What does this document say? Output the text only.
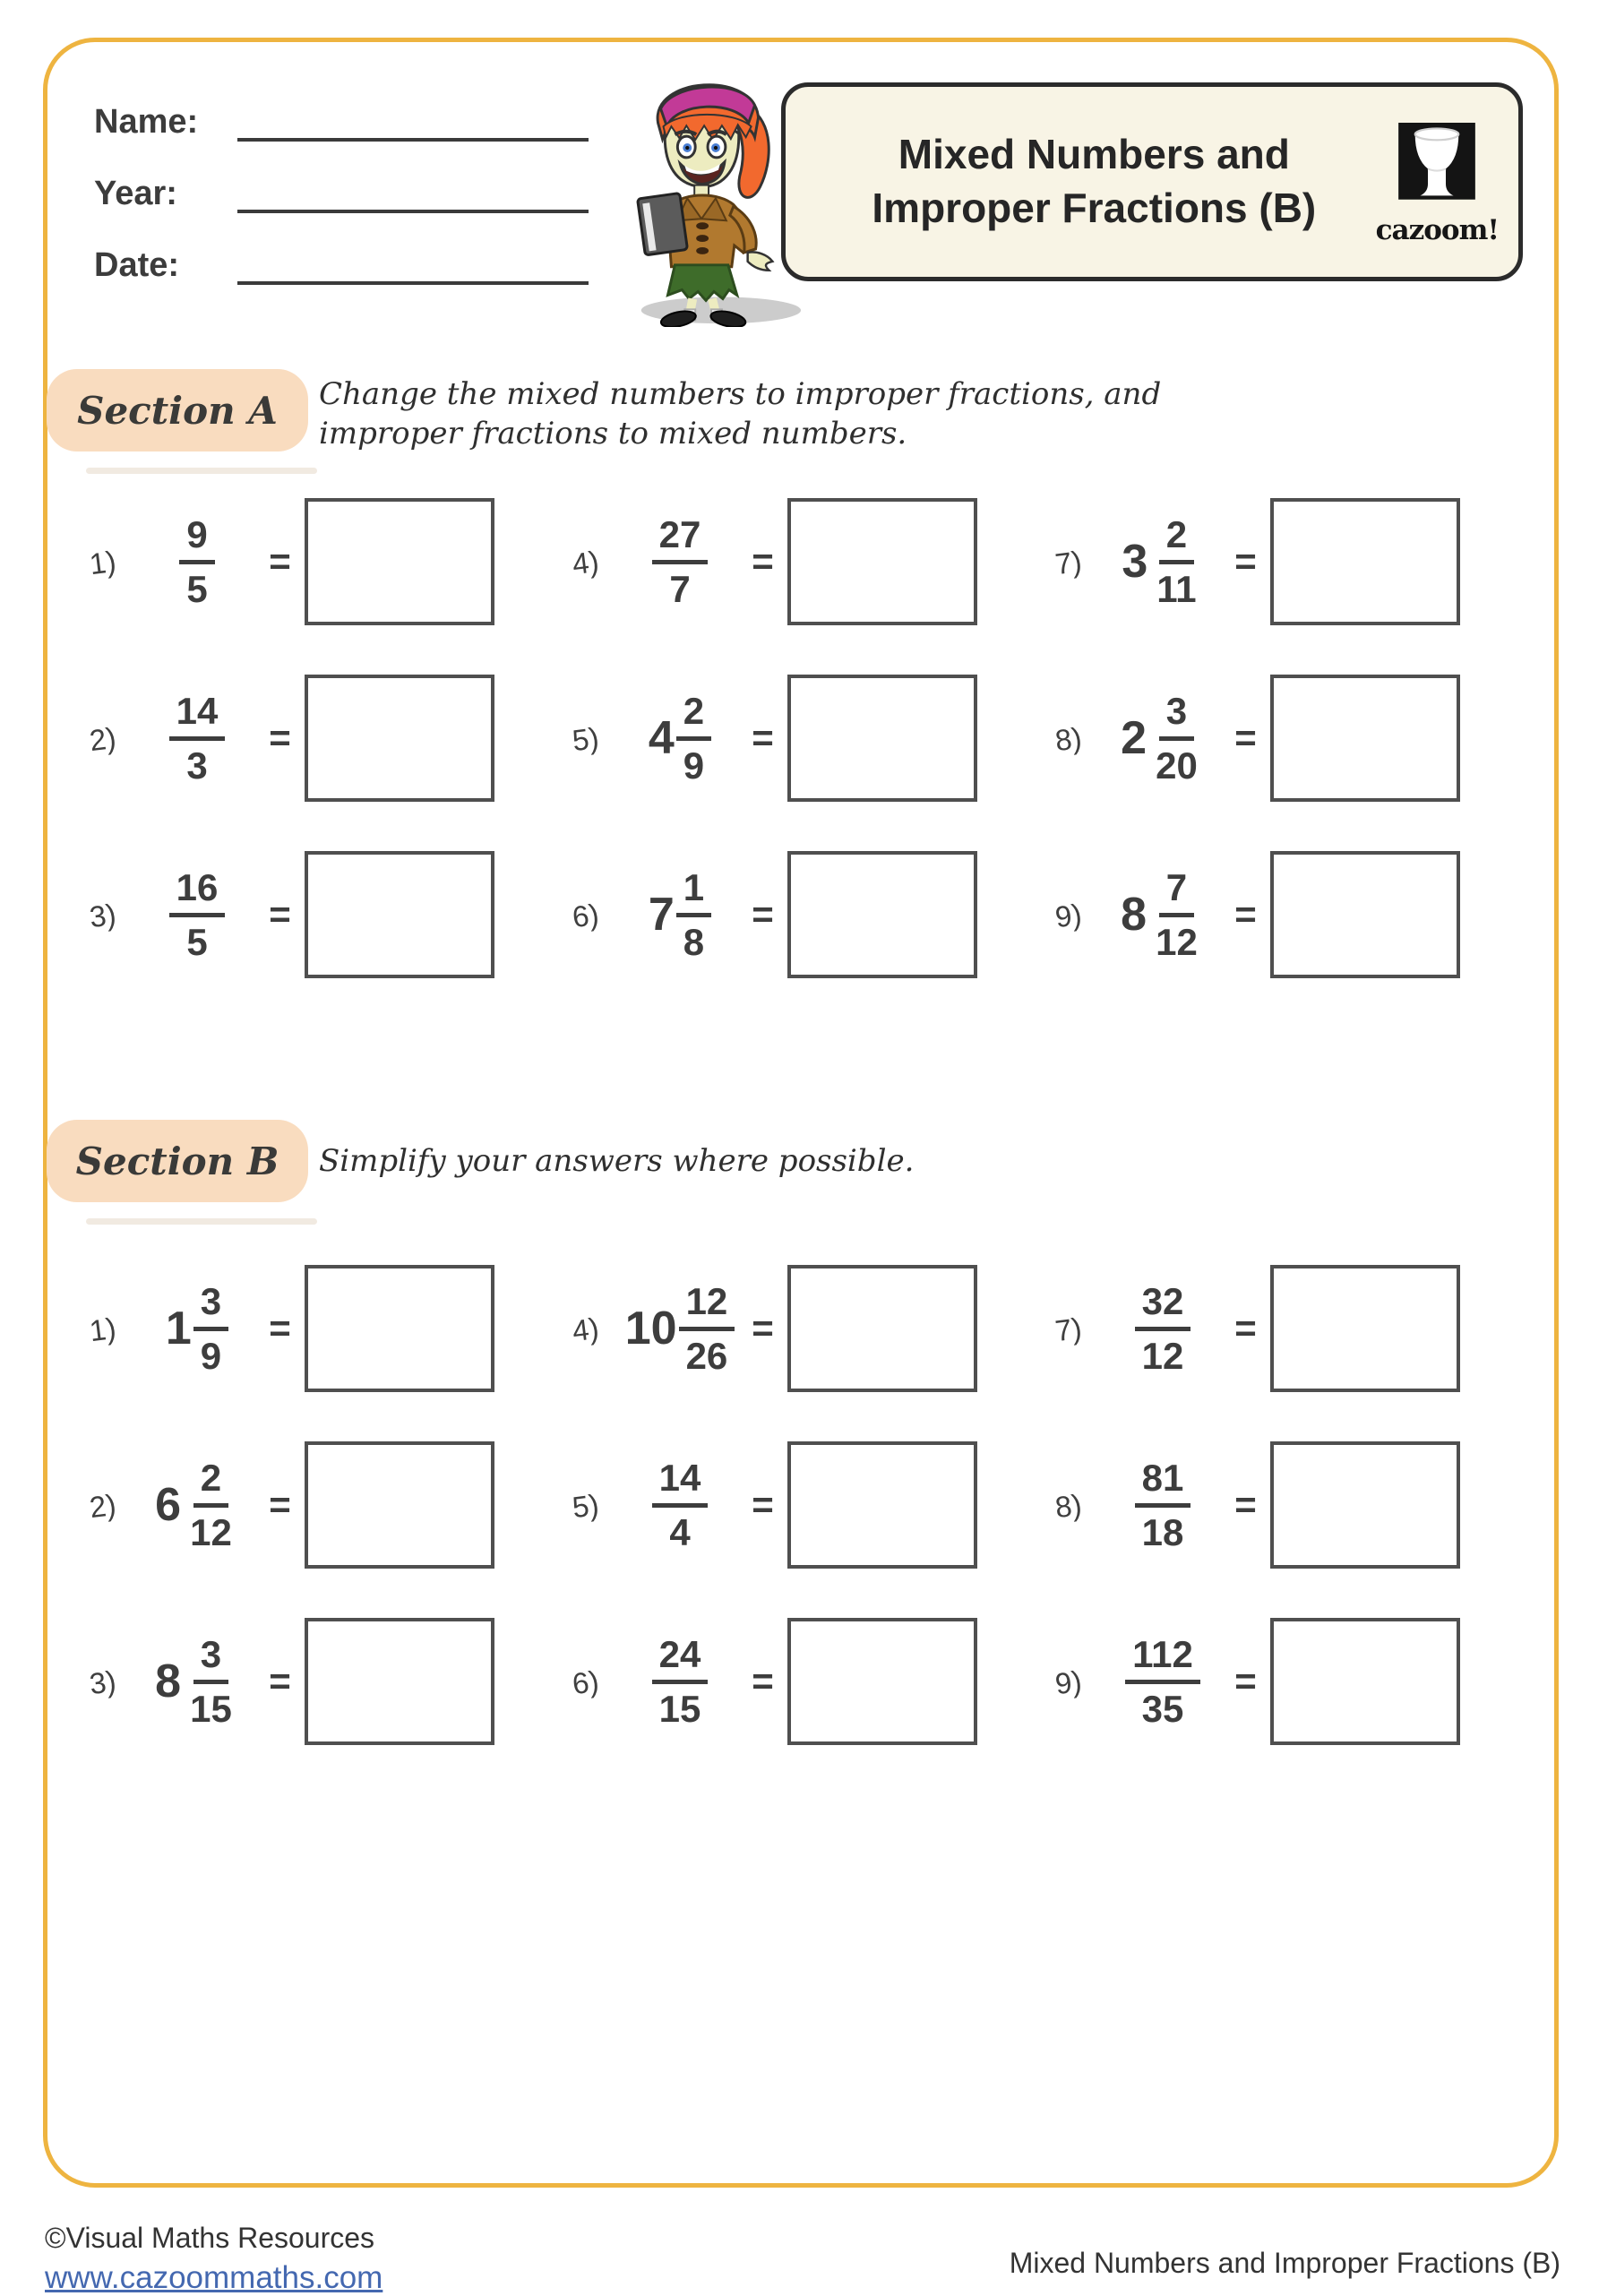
Name:
Year:
Date:
Mixed Numbers and
Improper Fractions (B)	cazoom!
Section A Change the mixed numbers to improper fractions, and improper fractions to mixed numbers.
1)	$\frac{9}{5}$	=
2)	$\frac{14}{3}$	=
3)	$\frac{16}{5}$	=
4)	$\frac{27}{7}$	=
5)	$4 \frac{2}{9}$	=
6)	$7 \frac{1}{8}$	=
7) $3 \frac{2}{11}$ =
8) $2 \frac{3}{20}$ =
9) $8 \frac{7}{12}$ =
Section B Simplify your answers where possible.
1)	$1 \frac{3}{9}$	=
2) $6 \frac{2}{12}$ =
3) $8 \frac{3}{15}$ =
4) $10 \frac{12}{26}$ =
5)	$\frac{14}{4}$	=
6)	$\frac{24}{15}$	=
7)	$\frac{32}{12}$	=
8)	$\frac{81}{18}$	=
9)	$\frac{112}{35}$ =
©Visual Maths Resources
www.cazoommaths.com	Mixed Numbers and Improper Fractions (B)
